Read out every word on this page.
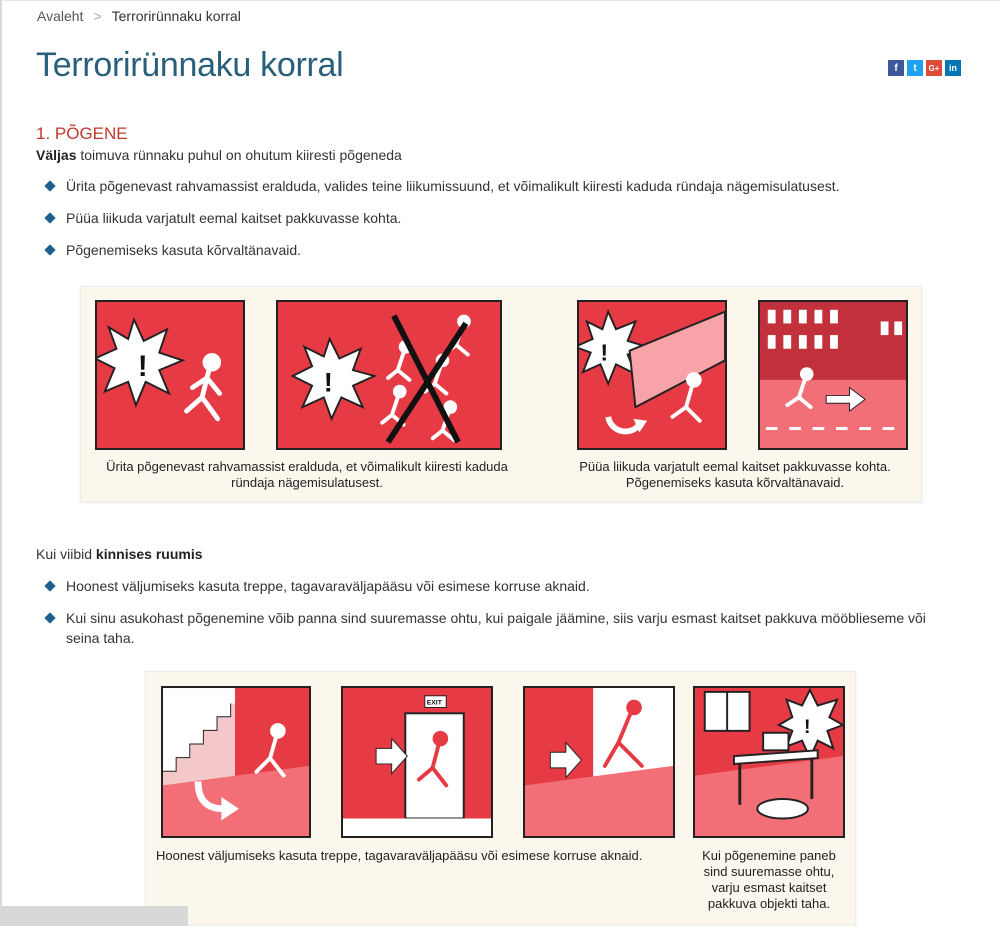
Avaleht > Terrorirünnaku korral
Terrorirünnaku korral	f	t	G+	in
1. PÕGENE

Väljas toimuva rünnaku puhul on ohutum kiiresti põgeneda

Ürita põgenevast rahvamassist eralduda, valides teine liikumissuund, et võimalikult kiiresti kaduda ründaja nägemisulatusest.
Püüa liikuda varjatult eemal kaitset pakkuvasse kohta.
Põgenemiseks kasuta kõrvaltänavaid.
!	!
!
Ürita põgenevast rahvamassist eralduda, et võimalikult kiiresti kaduda
ründaja nägemisulatusest.
Püüa liikuda varjatult eemal kaitset pakkuvasse kohta.
Põgenemiseks kasuta kõrvaltänavaid.

Kui viibid kinnises ruumis

Hoonest väljumiseks kasuta treppe, tagavaraväljapääsu või esimese korruse aknaid.
Kui sinu asukohast põgenemine võib panna sind suuremasse ohtu, kui paigale jäämine, siis varju esmast kaitset pakkuva mööblieseme või seina taha.
EXIT
!
Hoonest väljumiseks kasuta treppe, tagavaraväljapääsu või esimese korruse aknaid.	Kui põgenemine paneb
sind suuremasse ohtu,
varju esmast kaitset
pakkuva objekti taha.
